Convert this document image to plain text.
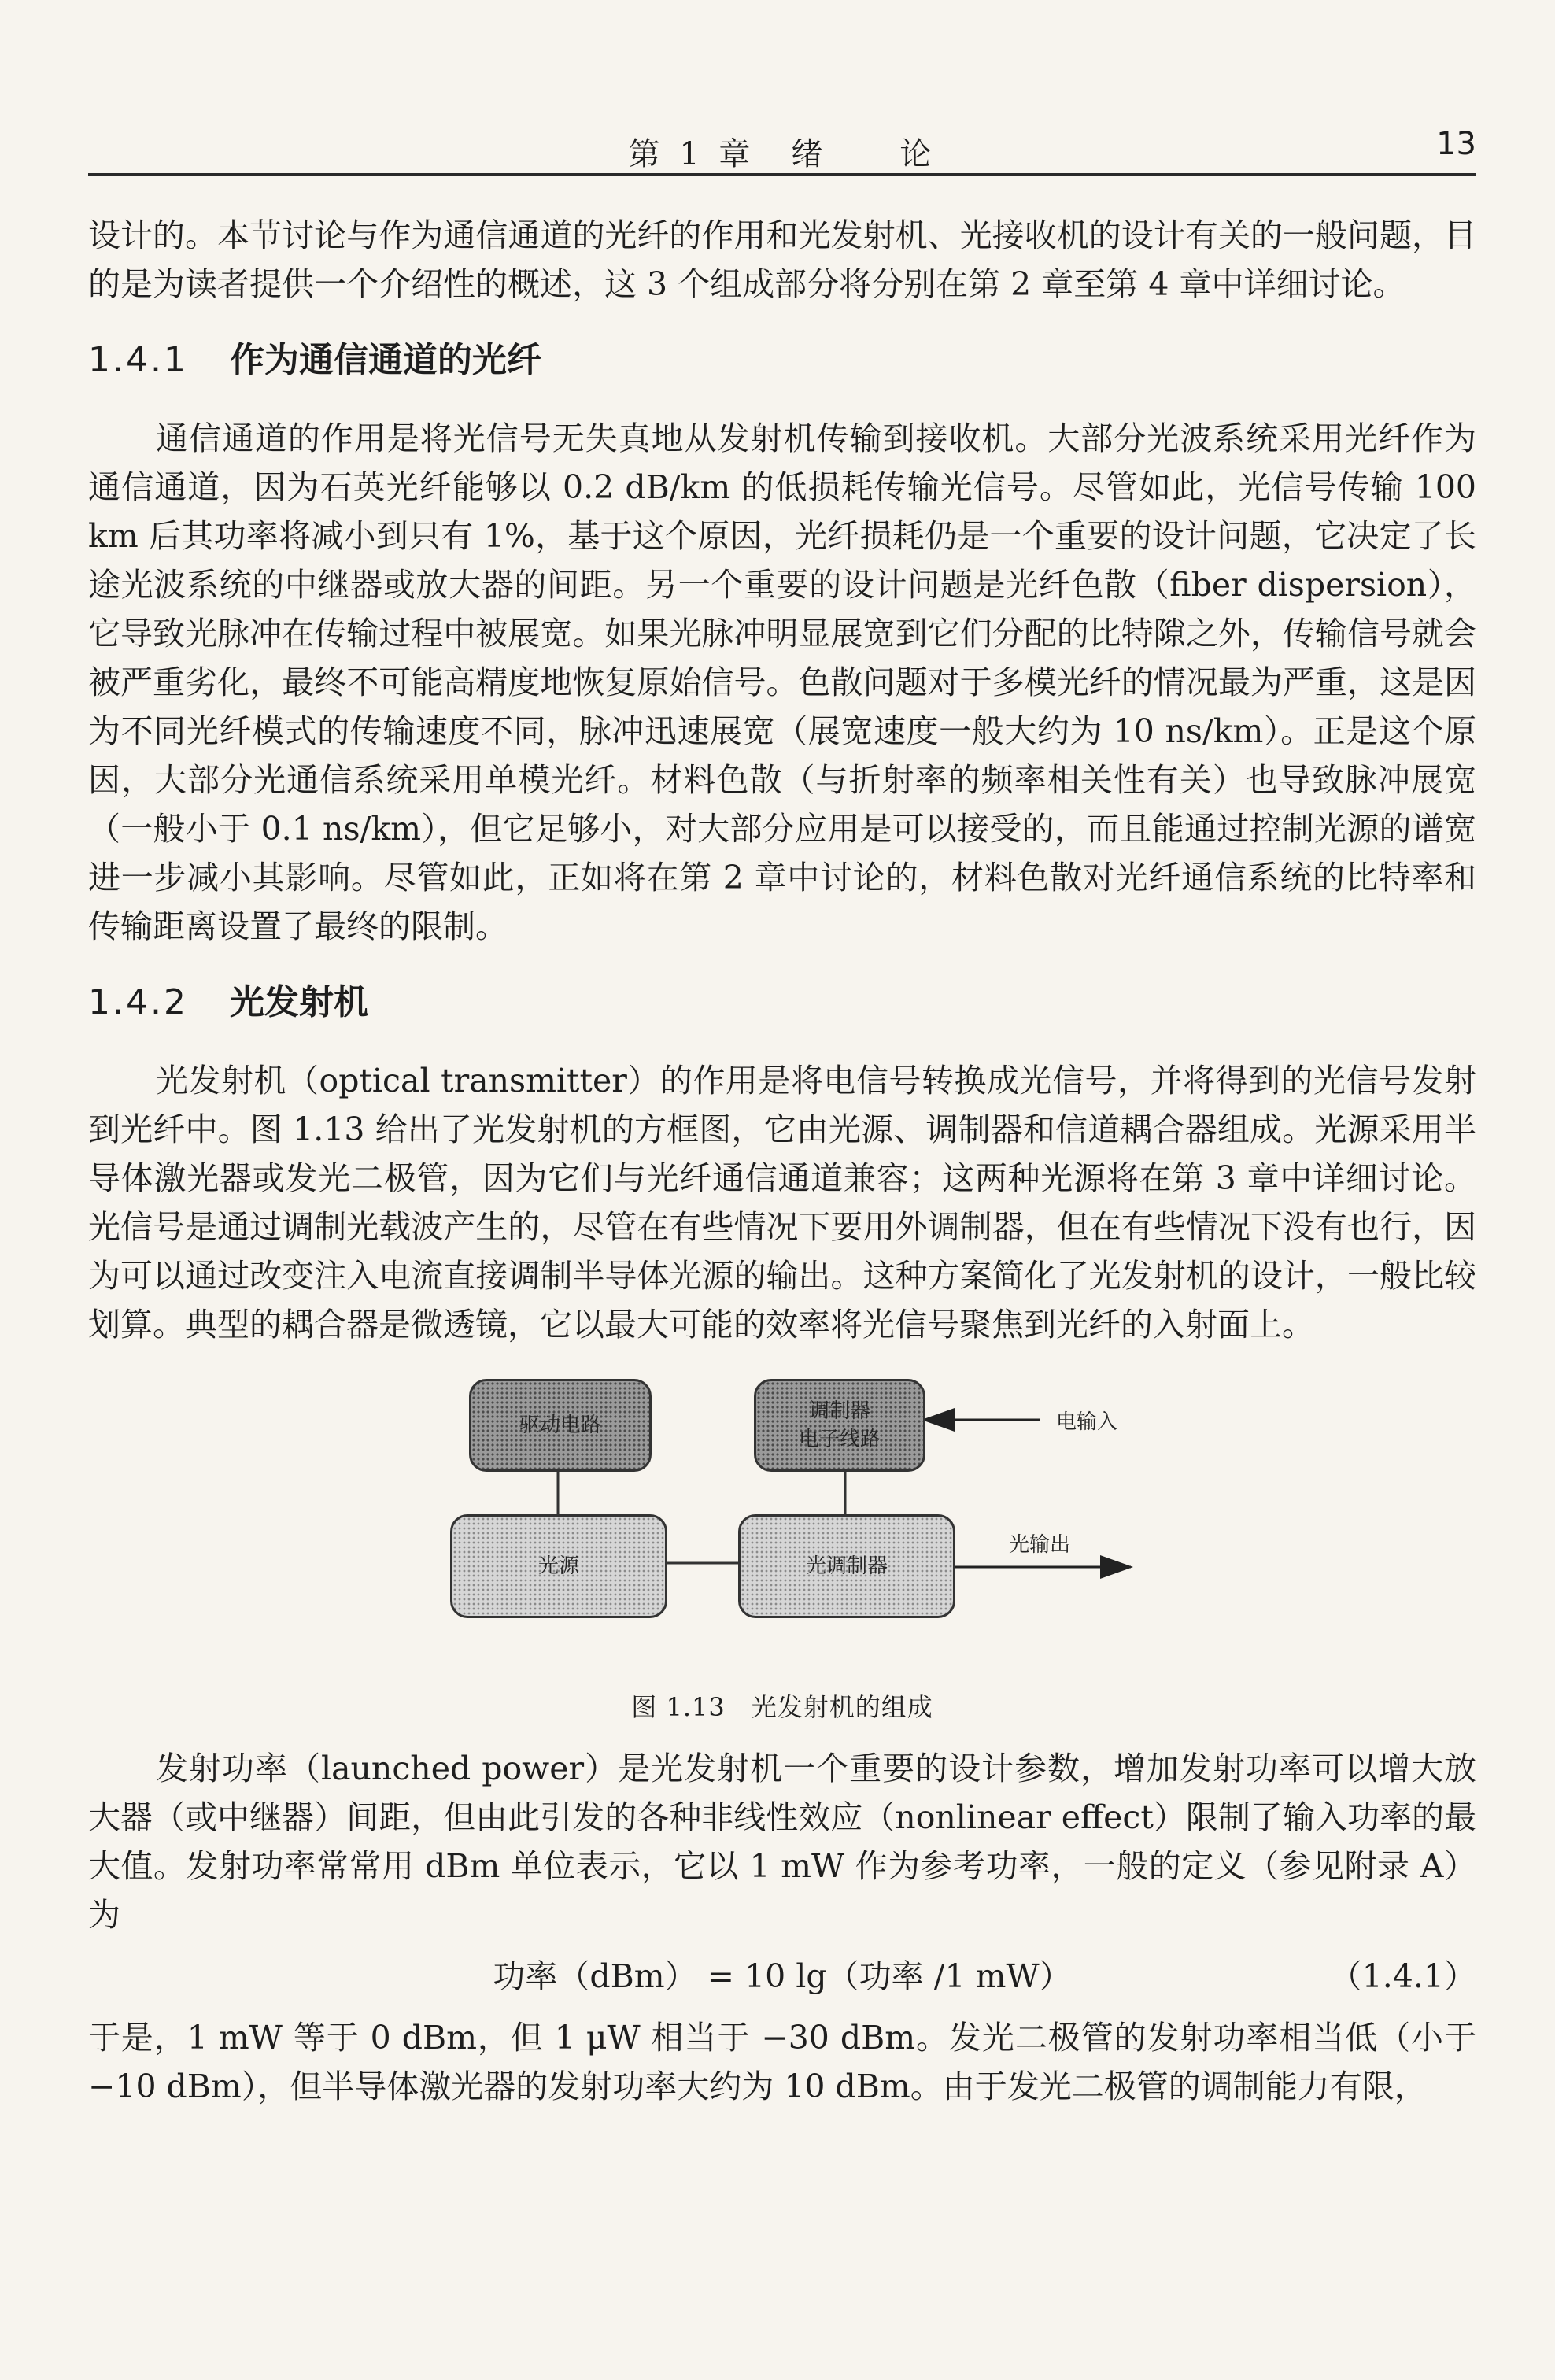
第 1 章　绪　　论	13

设计的。本节讨论与作为通信通道的光纤的作用和光发射机、光接收机的设计有关的一般问题，目的是为读者提供一个介绍性的概述，这 3 个组成部分将分别在第 2 章至第 4 章中详细讨论。

1.4.1 作为通信通道的光纤

通信通道的作用是将光信号无失真地从发射机传输到接收机。大部分光波系统采用光纤作为通信通道，因为石英光纤能够以 0.2 dB/km 的低损耗传输光信号。尽管如此，光信号传输 100 km 后其功率将减小到只有 1%，基于这个原因，光纤损耗仍是一个重要的设计问题，它决定了长途光波系统的中继器或放大器的间距。另一个重要的设计问题是光纤色散（fiber dispersion），它导致光脉冲在传输过程中被展宽。如果光脉冲明显展宽到它们分配的比特隙之外，传输信号就会被严重劣化，最终不可能高精度地恢复原始信号。色散问题对于多模光纤的情况最为严重，这是因为不同光纤模式的传输速度不同，脉冲迅速展宽（展宽速度一般大约为 10 ns/km）。正是这个原因，大部分光通信系统采用单模光纤。材料色散（与折射率的频率相关性有关）也导致脉冲展宽（一般小于 0.1 ns/km），但它足够小，对大部分应用是可以接受的，而且能通过控制光源的谱宽进一步减小其影响。尽管如此，正如将在第 2 章中讨论的，材料色散对光纤通信系统的比特率和传输距离设置了最终的限制。

1.4.2 光发射机

光发射机（optical transmitter）的作用是将电信号转换成光信号，并将得到的光信号发射到光纤中。图 1.13 给出了光发射机的方框图，它由光源、调制器和信道耦合器组成。光源采用半导体激光器或发光二极管，因为它们与光纤通信通道兼容；这两种光源将在第 3 章中详细讨论。光信号是通过调制光载波产生的，尽管在有些情况下要用外调制器，但在有些情况下没有也行，因为可以通过改变注入电流直接调制半导体光源的输出。这种方案简化了光发射机的设计，一般比较划算。典型的耦合器是微透镜，它以最大可能的效率将光信号聚焦到光纤的入射面上。

驱动电路
调制器
电子线路
光源	光调制器
电输入
光输出
图 1.13　光发射机的组成

发射功率（launched power）是光发射机一个重要的设计参数，增加发射功率可以增大放大器（或中继器）间距，但由此引发的各种非线性效应（nonlinear effect）限制了输入功率的最大值。发射功率常常用 dBm 单位表示，它以 1 mW 作为参考功率，一般的定义（参见附录 A）为

功率（dBm） = 10 lg（功率 /1 mW）	（1.4.1）

于是，1 mW 等于 0 dBm，但 1 μW 相当于 −30 dBm。发光二极管的发射功率相当低（小于 −10 dBm），但半导体激光器的发射功率大约为 10 dBm。由于发光二极管的调制能力有限，
